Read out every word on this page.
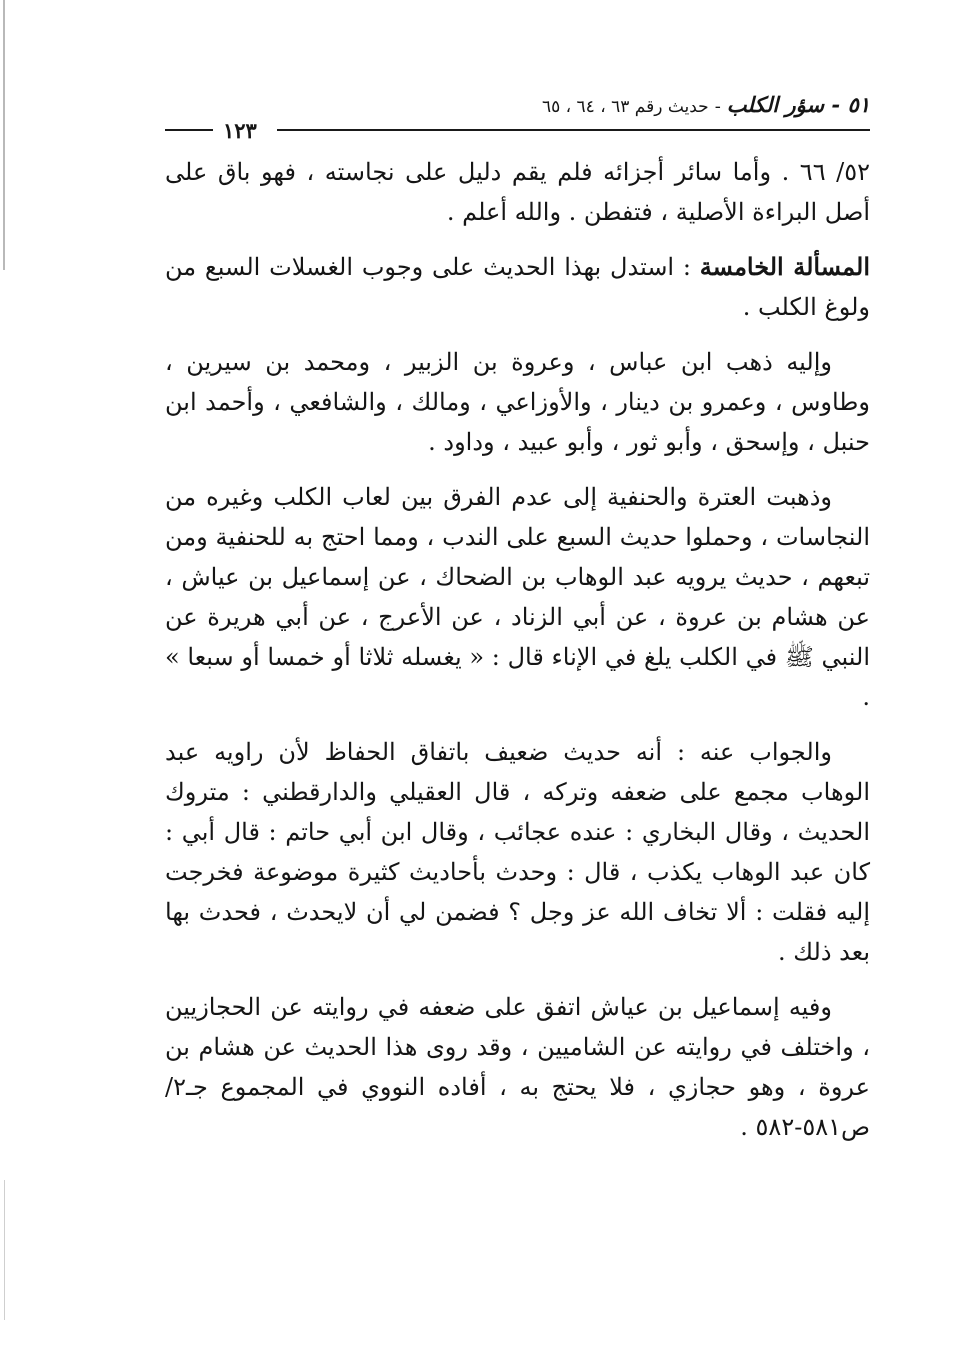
٥١ - سؤر الكلب-حديث رقم ٦٣ ، ٦٤ ، ٦٥
١٢٣

٥٢/ ٦٦ . وأما سائر أجزائه فلم يقم دليل على نجاسته ، فهو باق على أصل البراءة الأصلية ، فتفطن . والله أعلم .

المسألة الخامسة : استدل بهذا الحديث على وجوب الغسلات السبع من ولوغ الكلب .

وإليه ذهب ابن عباس ، وعروة بن الزبير ، ومحمد بن سيرين ، وطاوس ، وعمرو بن دينار ، والأوزاعي ، ومالك ، والشافعي ، وأحمد ابن حنبل ، وإسحق ، وأبو ثور ، وأبو عبيد ، وداود .

وذهبت العترة والحنفية إلى عدم الفرق بين لعاب الكلب وغيره من النجاسات ، وحملوا حديث السبع على الندب ، ومما احتج به للحنفية ومن تبعهم ، حديث يرويه عبد الوهاب بن الضحاك ، عن إسماعيل بن عياش ، عن هشام بن عروة ، عن أبي الزناد ، عن الأعرج ، عن أبي هريرة عن النبي ﷺ في الكلب يلغ في الإناء قال : « يغسله ثلاثا أو خمسا أو سبعا » .

والجواب عنه : أنه حديث ضعيف باتفاق الحفاظ لأن راويه عبد الوهاب مجمع على ضعفه وتركه ، قال العقيلي والدارقطني : متروك الحديث ، وقال البخاري : عنده عجائب ، وقال ابن أبي حاتم : قال أبي : كان عبد الوهاب يكذب ، قال : وحدث بأحاديث كثيرة موضوعة فخرجت إليه فقلت : ألا تخاف الله عز وجل ؟ فضمن لي أن لايحدث ، فحدث بها بعد ذلك .

وفيه إسماعيل بن عياش اتفق على ضعفه في روايته عن الحجازيين ، واختلف في روايته عن الشاميين ، وقد روى هذا الحديث عن هشام بن عروة ، وهو حجازي ، فلا يحتج به ، أفاده النووي في المجموع جـ٢/ ص٥٨١-٥٨٢ .
